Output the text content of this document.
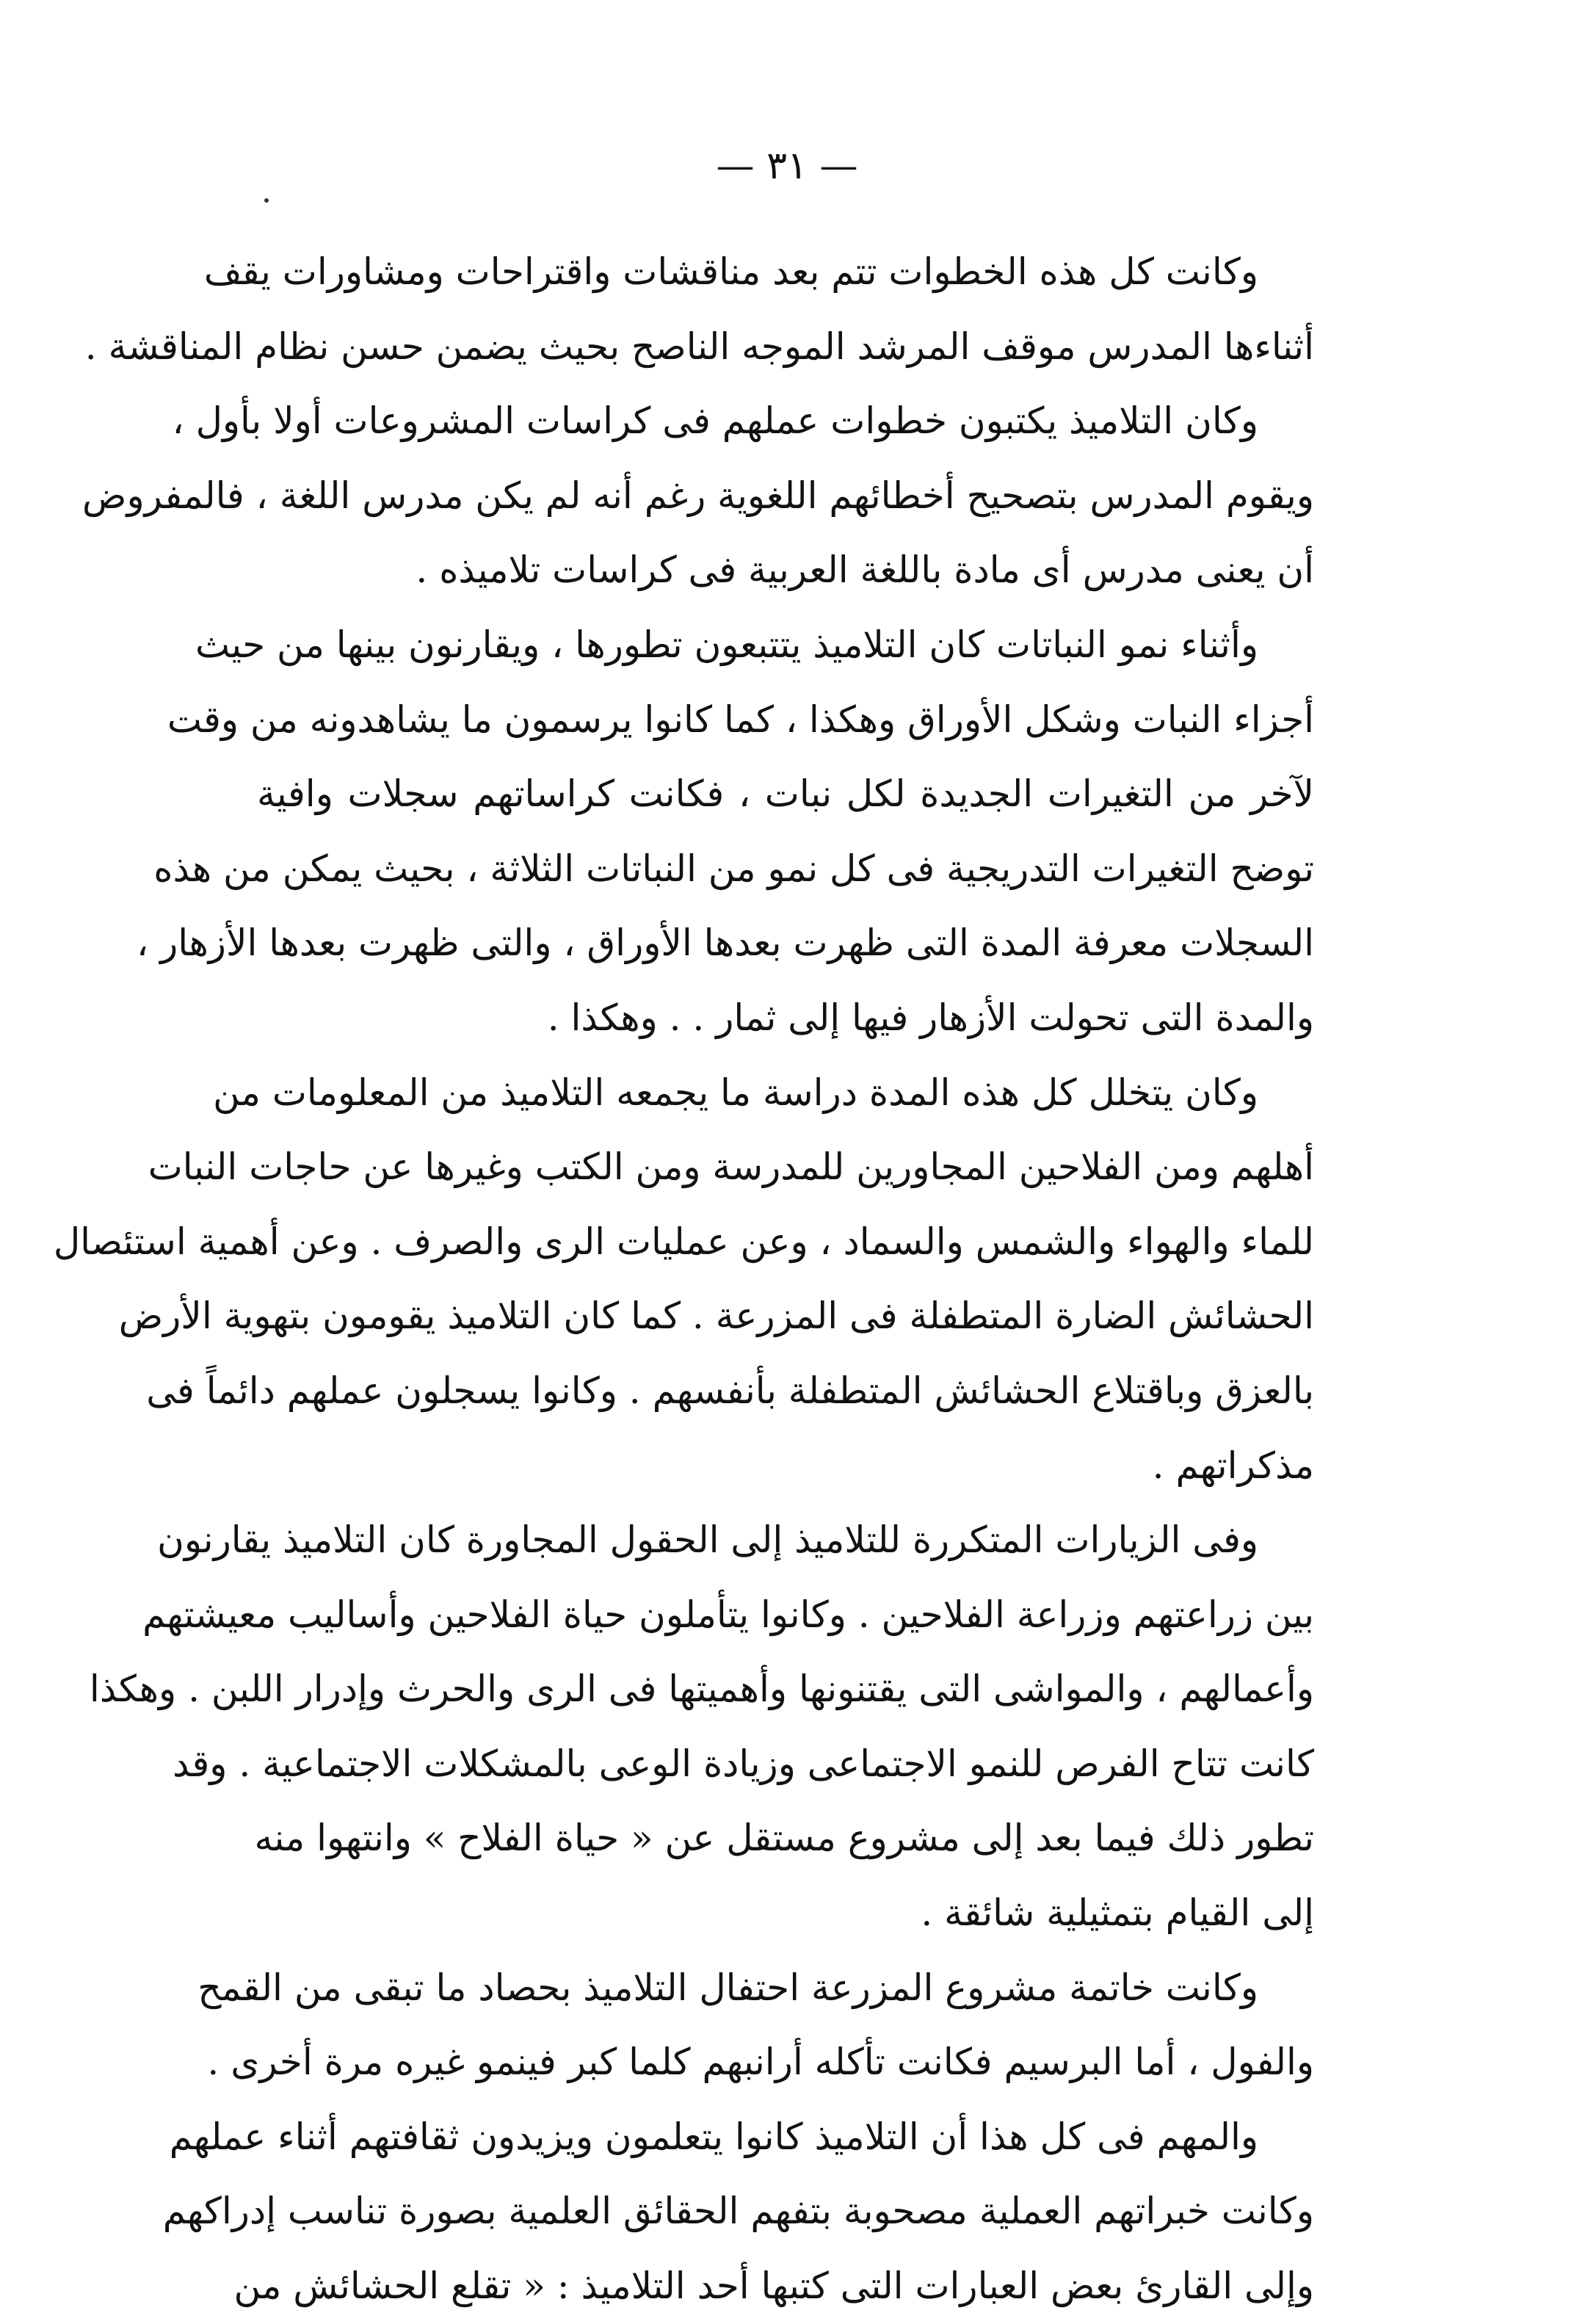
— ٣١ —
وكانت كل هذه الخطوات تتم بعد مناقشات واقتراحات ومشاورات يقف
أثناءها المدرس موقف المرشد الموجه الناصح بحيث يضمن حسن نظام المناقشة .
وكان التلاميذ يكتبون خطوات عملهم فى كراسات المشروعات أولا بأول ،
ويقوم المدرس بتصحيح أخطائهم اللغوية رغم أنه لم يكن مدرس اللغة ، فالمفروض
أن يعنى مدرس أى مادة باللغة العربية فى كراسات تلاميذه .
وأثناء نمو النباتات كان التلاميذ يتتبعون تطورها ، ويقارنون بينها من حيث
أجزاء النبات وشكل الأوراق وهكذا ، كما كانوا يرسمون ما يشاهدونه من وقت
لآخر من التغيرات الجديدة لكل نبات ، فكانت كراساتهم سجلات وافية
توضح التغيرات التدريجية فى كل نمو من النباتات الثلاثة ، بحيث يمكن من هذه
السجلات معرفة المدة التى ظهرت بعدها الأوراق ، والتى ظهرت بعدها الأزهار ،
والمدة التى تحولت الأزهار فيها إلى ثمار . . وهكذا .
وكان يتخلل كل هذه المدة دراسة ما يجمعه التلاميذ من المعلومات من
أهلهم ومن الفلاحين المجاورين للمدرسة ومن الكتب وغيرها عن حاجات النبات
للماء والهواء والشمس والسماد ، وعن عمليات الرى والصرف . وعن أهمية استئصال
الحشائش الضارة المتطفلة فى المزرعة . كما كان التلاميذ يقومون بتهوية الأرض
بالعزق وباقتلاع الحشائش المتطفلة بأنفسهم . وكانوا يسجلون عملهم دائماً فى
مذكراتهم .
وفى الزيارات المتكررة للتلاميذ إلى الحقول المجاورة كان التلاميذ يقارنون
بين زراعتهم وزراعة الفلاحين . وكانوا يتأملون حياة الفلاحين وأساليب معيشتهم
وأعمالهم ، والمواشى التى يقتنونها وأهميتها فى الرى والحرث وإدرار اللبن . وهكذا
كانت تتاح الفرص للنمو الاجتماعى وزيادة الوعى بالمشكلات الاجتماعية . وقد
تطور ذلك فيما بعد إلى مشروع مستقل عن « حياة الفلاح » وانتهوا منه
إلى القيام بتمثيلية شائقة .
وكانت خاتمة مشروع المزرعة احتفال التلاميذ بحصاد ما تبقى من القمح
والفول ، أما البرسيم فكانت تأكله أرانبهم كلما كبر فينمو غيره مرة أخرى .
والمهم فى كل هذا أن التلاميذ كانوا يتعلمون ويزيدون ثقافتهم أثناء عملهم
وكانت خبراتهم العملية مصحوبة بتفهم الحقائق العلمية بصورة تناسب إدراكهم
وإلى القارئ بعض العبارات التى كتبها أحد التلاميذ : « تقلع الحشائش من
